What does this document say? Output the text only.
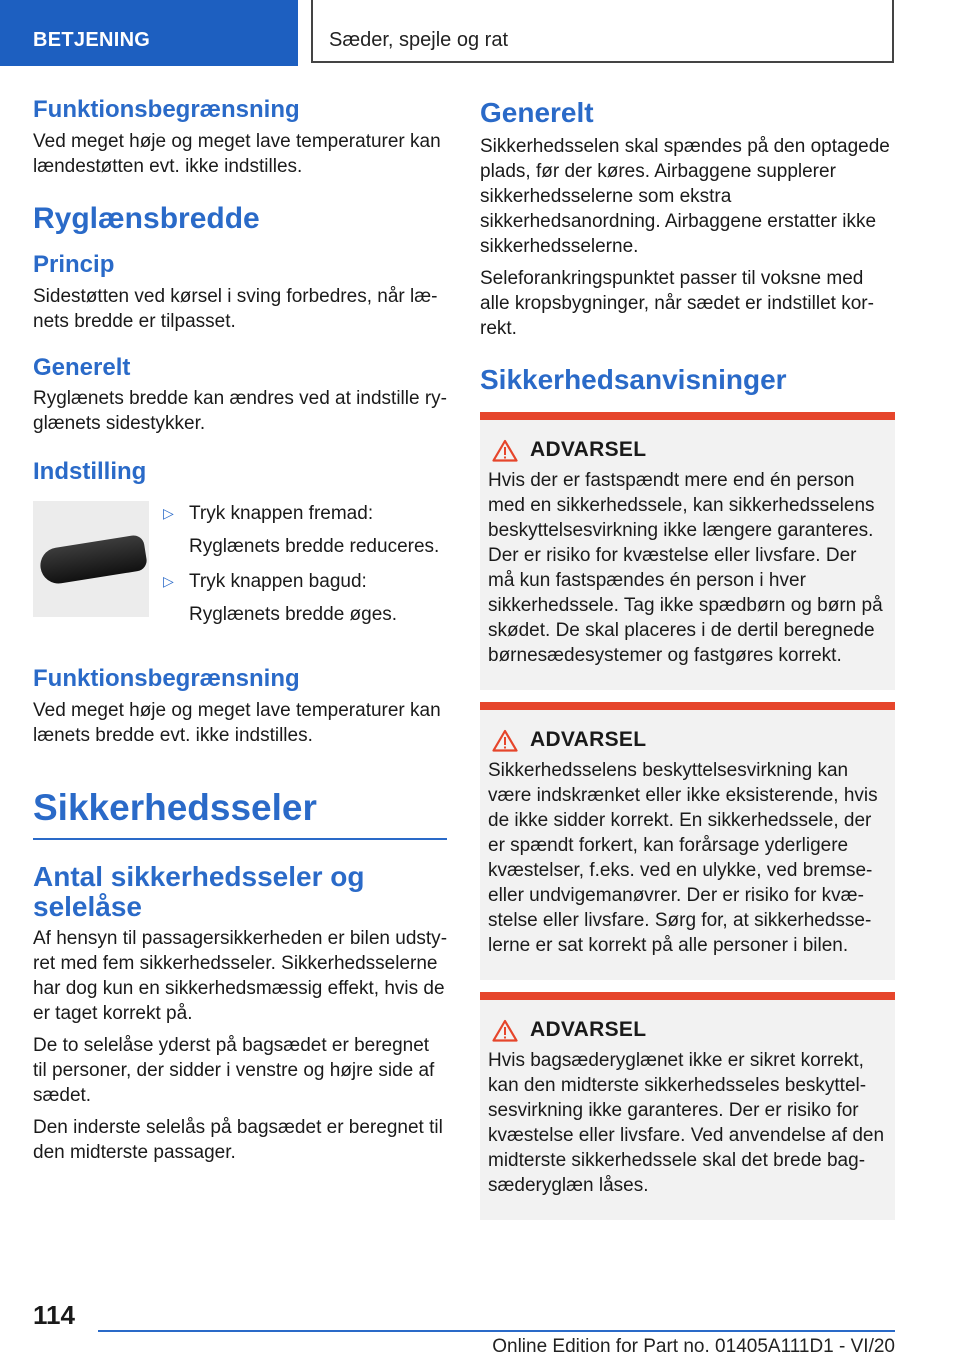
BETJENING	Sæder, spejle og rat
Funktionsbegrænsning

Ved meget høje og meget lave temperaturer kan lændestøtten evt. ikke indstilles.

Ryglænsbredde
Princip

Sidestøtten ved kørsel i sving forbedres, når lænets bredde er tilpasset.

Generelt

Ryglænets bredde kan ændres ved at indstille ryglænets sidestykker.

Indstilling
▷ Tryk knappen fremad:

Ryglænets bredde reduceres.

▷ Tryk knappen bagud:

Ryglænets bredde øges.

Funktionsbegrænsning

Ved meget høje og meget lave temperaturer kan lænets bredde evt. ikke indstilles.

Sikkerhedsseler
Antal sikkerhedsseler og selelåse

Af hensyn til passagersikkerheden er bilen udstyret med fem sikkerhedsseler. Sikkerhedsselerne har dog kun en sikkerhedsmæssig effekt, hvis de er taget korrekt på.

De to selelåse yderst på bagsædet er beregnet til personer, der sidder i venstre og højre side af sædet.

Den inderste selelås på bagsædet er beregnet til den midterste passager.

Generelt

Sikkerhedsselen skal spændes på den optagede plads, før der køres. Airbaggene supplerer sikkerhedsselerne som ekstra sikkerhedsanordning. Airbaggene erstatter ikke sikkerhedsselerne.

Seleforankringspunktet passer til voksne med alle kropsbygninger, når sædet er indstillet korrekt.

Sikkerhedsanvisninger
ADVARSEL

Hvis der er fastspændt mere end én person med en sikkerhedssele, kan sikkerhedsselens beskyttelsesvirkning ikke længere garanteres. Der er risiko for kvæstelse eller livsfare. Der må kun fastspændes én person i hver sikkerhedssele. Tag ikke spædbørn og børn på skødet. De skal placeres i de dertil beregnede børnesædesystemer og fastgøres korrekt.

ADVARSEL

Sikkerhedsselens beskyttelsesvirkning kan være indskrænket eller ikke eksisterende, hvis de ikke sidder korrekt. En sikkerhedssele, der er spændt forkert, kan forårsage yderligere kvæstelser, f.eks. ved en ulykke, ved bremse- eller undvigemanøvrer. Der er risiko for kvæstelse eller livsfare. Sørg for, at sikkerhedsselerne er sat korrekt på alle personer i bilen.

ADVARSEL

Hvis bagsæderyglænet ikke er sikret korrekt, kan den midterste sikkerhedsseles beskyttelsesvirkning ikke garanteres. Der er risiko for kvæstelse eller livsfare. Ved anvendelse af den midterste sikkerhedssele skal det brede bagsæderyglæn låses.

114
Online Edition for Part no. 01405A111D1 - VI/20
